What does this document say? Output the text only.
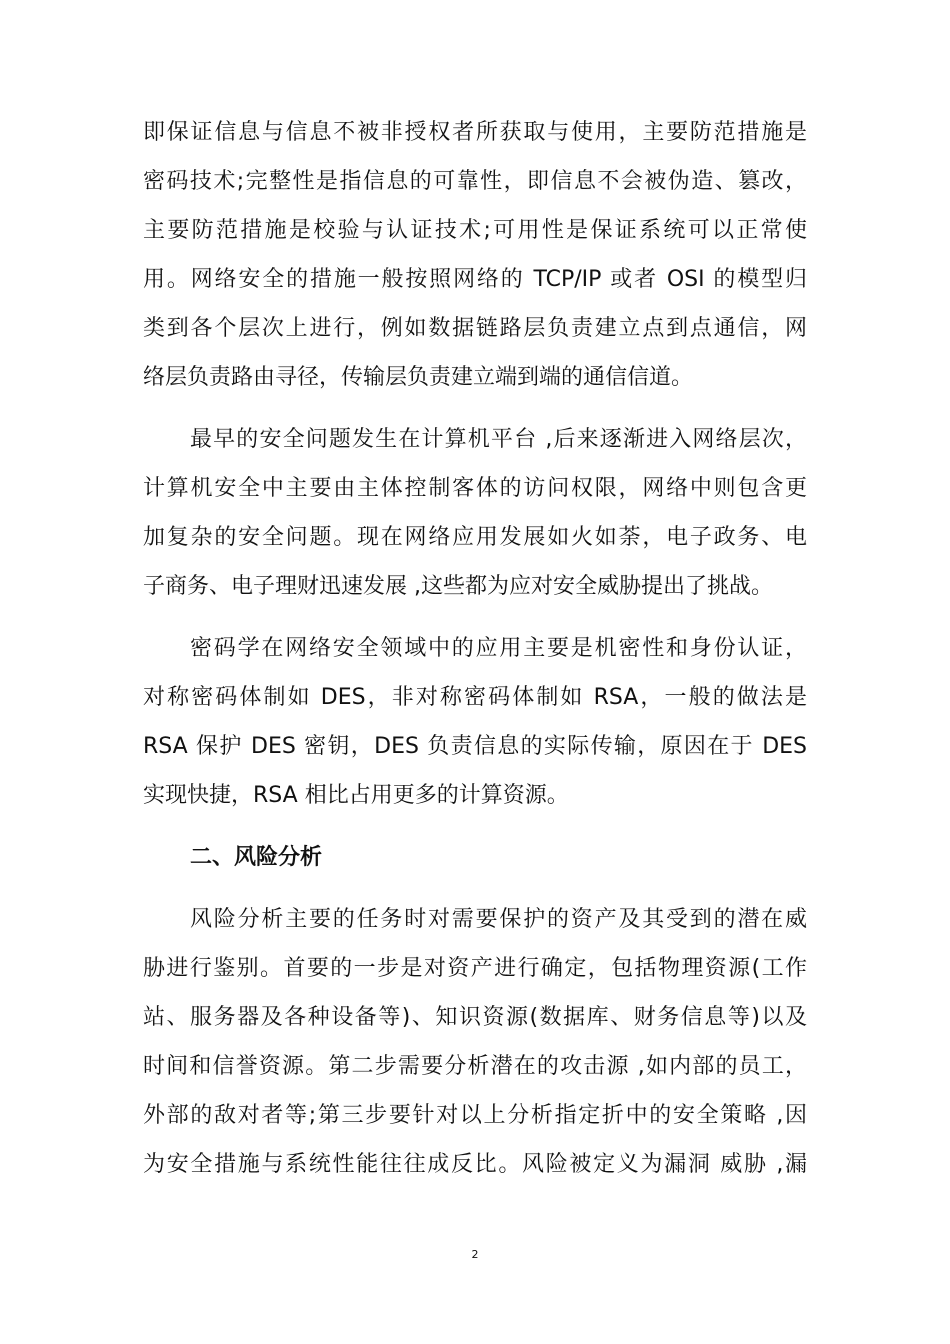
即保证信息与信息不被非授权者所获取与使用，主要防范措施是
密码技术;完整性是指信息的可靠性，即信息不会被伪造、篡改，
主要防范措施是校验与认证技术;可用性是保证系统可以正常使
用。网络安全的措施一般按照网络的 TCP/IP 或者 OSI 的模型归
类到各个层次上进行，例如数据链路层负责建立点到点通信，网
络层负责路由寻径，传输层负责建立端到端的通信信道。
最早的安全问题发生在计算机平台 ,后来逐渐进入网络层次，
计算机安全中主要由主体控制客体的访问权限，网络中则包含更
加复杂的安全问题。现在网络应用发展如火如荼，电子政务、电
子商务、电子理财迅速发展 ,这些都为应对安全威胁提出了挑战。
密码学在网络安全领域中的应用主要是机密性和身份认证，
对称密码体制如 DES，非对称密码体制如 RSA，一般的做法是
RSA 保护 DES 密钥，DES 负责信息的实际传输，原因在于 DES
实现快捷，RSA 相比占用更多的计算资源。
二、风险分析
风险分析主要的任务时对需要保护的资产及其受到的潜在威
胁进行鉴别。首要的一步是对资产进行确定，包括物理资源(工作
站、服务器及各种设备等)、知识资源(数据库、财务信息等)以及
时间和信誉资源。第二步需要分析潜在的攻击源 ,如内部的员工，
外部的敌对者等;第三步要针对以上分析指定折中的安全策略 ,因
为安全措施与系统性能往往成反比。风险被定义为漏洞 威胁 ,漏
2
